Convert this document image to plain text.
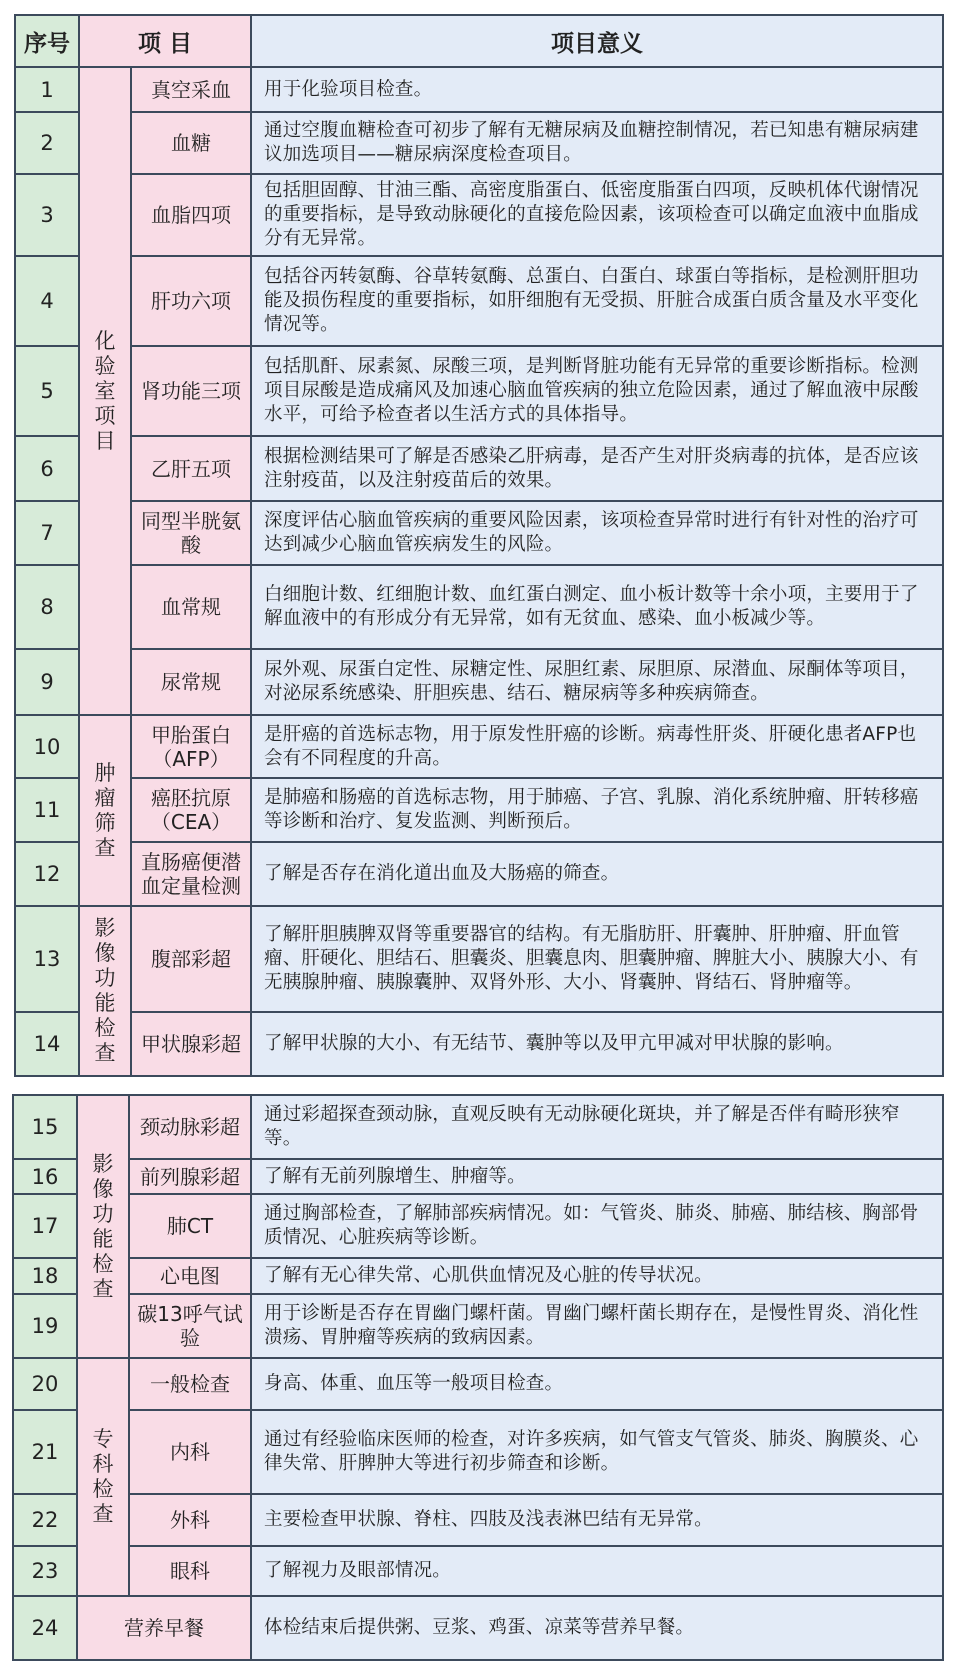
序号	项 目		项目意义
1	化验室项目	真空采血	用于化验项目检查。
2		血糖	通过空腹血糖检查可初步了解有无糖尿病及血糖控制情况，若已知患有糖尿病建议加选项目——糖尿病深度检查项目。
3		血脂四项	包括胆固醇、甘油三酯、高密度脂蛋白、低密度脂蛋白四项，反映机体代谢情况的重要指标，是导致动脉硬化的直接危险因素，该项检查可以确定血液中血脂成分有无异常。
4		肝功六项	包括谷丙转氨酶、谷草转氨酶、总蛋白、白蛋白、球蛋白等指标，是检测肝胆功能及损伤程度的重要指标，如肝细胞有无受损、肝脏合成蛋白质含量及水平变化情况等。
5		肾功能三项	包括肌酐、尿素氮、尿酸三项，是判断肾脏功能有无异常的重要诊断指标。检测项目尿酸是造成痛风及加速心脑血管疾病的独立危险因素，通过了解血液中尿酸水平，可给予检查者以生活方式的具体指导。
6		乙肝五项	根据检测结果可了解是否感染乙肝病毒，是否产生对肝炎病毒的抗体，是否应该注射疫苗，以及注射疫苗后的效果。
7		同型半胱氨酸	深度评估心脑血管疾病的重要风险因素，该项检查异常时进行有针对性的治疗可达到减少心脑血管疾病发生的风险。
8		血常规	白细胞计数、红细胞计数、血红蛋白测定、血小板计数等十余小项，主要用于了解血液中的有形成分有无异常，如有无贫血、感染、血小板减少等。
9		尿常规	尿外观、尿蛋白定性、尿糖定性、尿胆红素、尿胆原、尿潜血、尿酮体等项目，对泌尿系统感染、肝胆疾患、结石、糖尿病等多种疾病筛查。
10	肿瘤筛查	甲胎蛋白（AFP）	是肝癌的首选标志物，用于原发性肝癌的诊断。病毒性肝炎、肝硬化患者AFP也会有不同程度的升高。
11		癌胚抗原（CEA）	是肺癌和肠癌的首选标志物，用于肺癌、子宫、乳腺、消化系统肿瘤、肝转移癌等诊断和治疗、复发监测、判断预后。
12		直肠癌便潜血定量检测	了解是否存在消化道出血及大肠癌的筛查。
13	影像功能检查	腹部彩超	了解肝胆胰脾双肾等重要器官的结构。有无脂肪肝、肝囊肿、肝肿瘤、肝血管瘤、肝硬化、胆结石、胆囊炎、胆囊息肉、胆囊肿瘤、脾脏大小、胰腺大小、有无胰腺肿瘤、胰腺囊肿、双肾外形、大小、肾囊肿、肾结石、肾肿瘤等。
14		甲状腺彩超	了解甲状腺的大小、有无结节、囊肿等以及甲亢甲减对甲状腺的影响。
15	影像功能检查	颈动脉彩超	通过彩超探查颈动脉，直观反映有无动脉硬化斑块，并了解是否伴有畸形狭窄等。
16		前列腺彩超	了解有无前列腺增生、肿瘤等。
17		肺CT	通过胸部检查，了解肺部疾病情况。如：气管炎、肺炎、肺癌、肺结核、胸部骨质情况、心脏疾病等诊断。
18		心电图	了解有无心律失常、心肌供血情况及心脏的传导状况。
19		碳13呼气试验	用于诊断是否存在胃幽门螺杆菌。胃幽门螺杆菌长期存在，是慢性胃炎、消化性溃疡、胃肿瘤等疾病的致病因素。
20	专科检查	一般检查	身高、体重、血压等一般项目检查。
21		内科	通过有经验临床医师的检查，对许多疾病，如气管支气管炎、肺炎、胸膜炎、心律失常、肝脾肿大等进行初步筛查和诊断。
22		外科	主要检查甲状腺、脊柱、四肢及浅表淋巴结有无异常。
23		眼科	了解视力及眼部情况。
24	营养早餐		体检结束后提供粥、豆浆、鸡蛋、凉菜等营养早餐。
